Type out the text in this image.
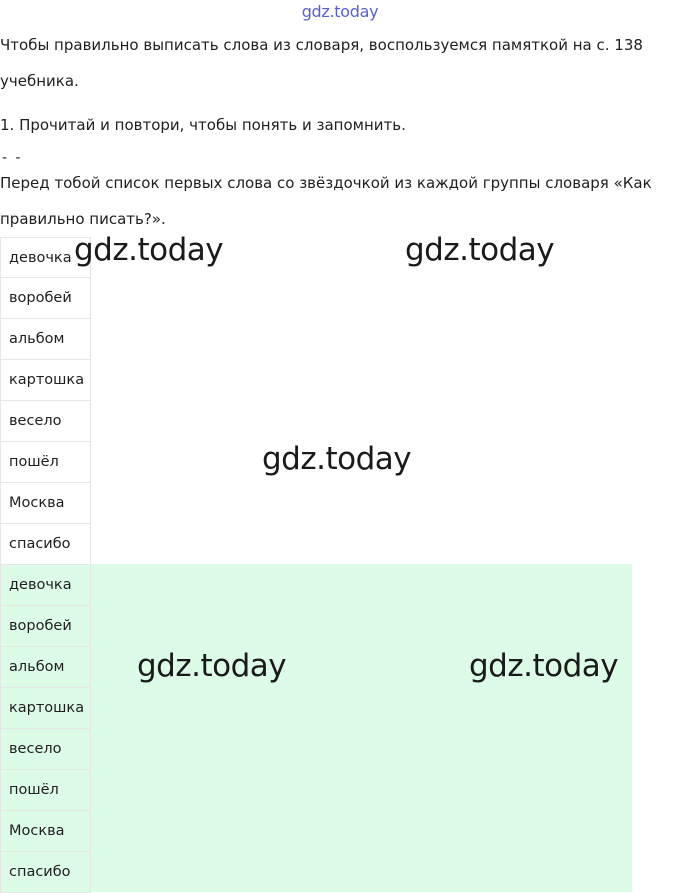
gdz.today

Чтобы правильно выписать слова из словаря, воспользуемся памяткой на с. 138 учебника.

1. Прочитай и повтори, чтобы понять и запомнить.

- -

Перед тобой список первых слова со звёздочкой из каждой группы словаря «Как правильно писать?».

девочка
воробей
альбом
картошка
весело
пошёл
Москва
спасибо
девочка
воробей
альбом
картошка
весело
пошёл
Москва
спасибо
gdz.today	gdz.today
gdz.today
gdz.today	gdz.today
